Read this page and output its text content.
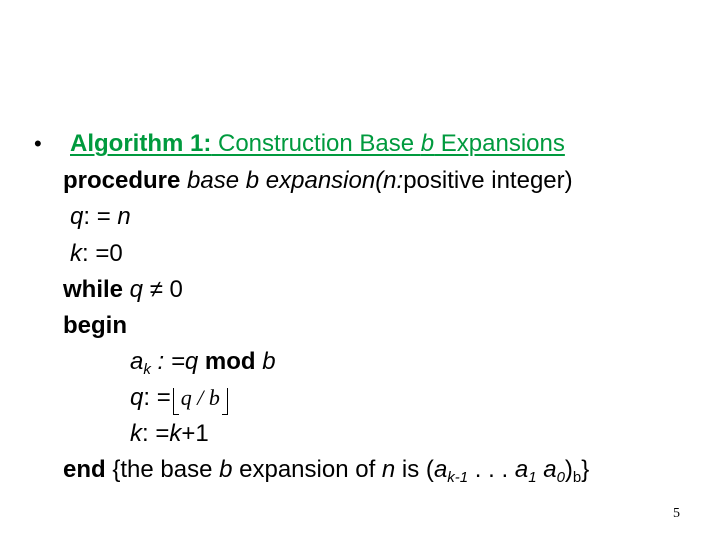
• Algorithm 1: Construction Base b Expansions
procedure base b expansion(n:positive integer)
q: = n
k: =0
while q ≠ 0
begin
$a_k$ : =q mod b
q: = q / b
k: =k+1
end {the base b expansion of n is ($a_{k-1}$ . . . $a_1$ $a_0)_b$}
5
